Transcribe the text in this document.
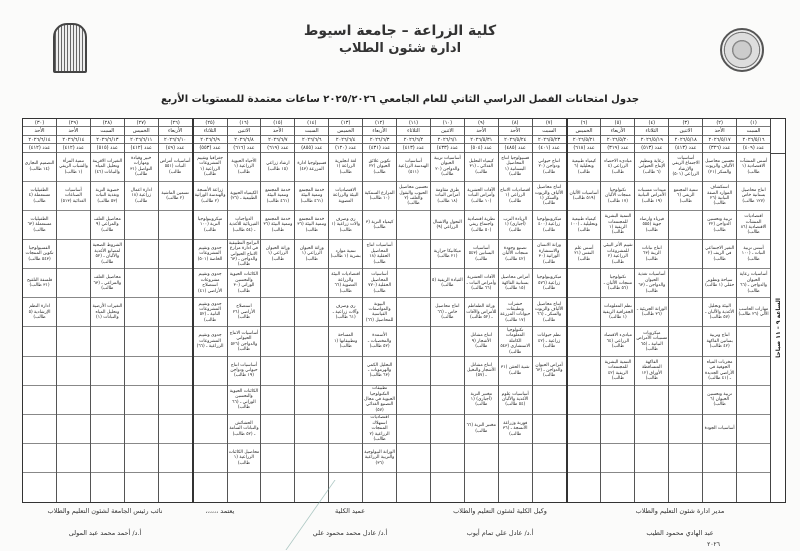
كلية الزراعة – جامعة اسيوط
ادارة شئون الطلاب
جدول امتحانات الفصل الدراسي الثاني للعام الجامعي ٢٠٢٥/٢٠٢٦ ساعات معتمدة للمستويات الأربع
الساعة ٩ – ١١ صباحا
(١)
السبت
٢٠٢٦/٥/١٦
عدد (٤٠٩)
أسس المنشآت الاقتصادية (١ طالب)
انتاج محاصيل بستانية خاص (١٢٧ طالب)
اقتصاديات المنشآت الاقتصادية (٨٦ طالب)
أسس تربية النبات ـ (١٠٠ طالب)
أساسيات رعاية الحيوان والدواجن ـ (٦٦ طالب)
مهارات الحاسب الآلي (٢٦ طالب)
(٢)
الأحد
٢٠٢٦/٥/١٧
عدد (٣٢٦)
تحسين محاصيل الألياف والزيوت والسكر (٢١)
استكشاف الموارد الصفة النباتية (٢٦ طالب)
تربية وتحسين الدواجن (٢٢ طالب)
التغير الاجتماعي في الريف (٢ طالب)
سياحة وتطوير حقلي (١ طالب)
البيئة وتحليل الأغذية والألبان ـ (٥٧ طالب)
انتاج وتربية بساتين الفاكهة (٤٢ طالب)
مخزنات المياه الجوفية في الأراضي الجديدة ـ (٤١ طالب)
تربية وتحسين الحيوان (٦ طالب)
أساسيات الجودة
(٣)
الاثنين
٢٠٢٦/٥/١٨
عدد (٤١٣)
أساسيات الاجتماع الريفي والإرشاد الزراعي (٥٠١)
تنمية المجتمع الريفي (٦ طالب)
(٤)
الثلاثاء
٢٠٢٦/٥/١٩
عدد (٥١٣)
رعاية وتنظيم الإنتاج الحيواني (٦ طالب)
مبيدات مسببات الأمراض النباتية (١٩ طالب)
فيزياء وارصاد جوية (٥٥٥ طالب)
انتاج نباتات الزينة (٦٣ طالب)
أساسيات تغذية الحيوان والدواجن ـ (٦٣ طالب)
الوراثة الجزيئية ـ (٣٦ طالب)
ميكروبات مسببات الأمراض النباتية ـ (٦٥ طالب)
الفاكهة المتساقطة الأوراق (١٢ طالب)
(٥)
الأربعاء
٢٠٢٦/٥/٢٠
عدد (٣١٩)
مبادىء الاحصاء الزراعي (٤ طالب)
تكنولوجيا منتجات الألبان (١٧ طالب)
التنمية البشرية للمجتمعات الريفية (١ طالب)
تقييم الأثر البيئي للمشروعات الزراعية (٢ طالب)
تكنولوجيا منتجات الألبان ـ (٥٦ طالب)
نظم المعلومات الجغرافية الريفية (١ طالب)
مبادىء الاقتصاد الزراعي (٦٤ طالب)
التنمية البشرية للمجتمعات الريفية (٤٢ طالب)
(٦)
الخميس
٢٠٢٦/٥/٢١
عدد (٦١٨)
كيمياء طبيعية وتحليلية (٦ طالب)
أساسيات الألبان (٥١٩ طالب)
كيمياء طبيعية وتحليلية ـ (١٠٠ طالب)
أسس علم النفس (٢١ طالب)
(٧)
السبت
٢٠٢٦/٥/٢٣
عدد (٤٠١)
انتاج حيواني ودواجن (٢٠ طالب)
انتاج محاصيل الألياف والزيوت والسكر (١ طالب)
ميكروبيولوجيا زراعية (٤٠٠ طالب)
وراثة الانسان والاستشارة الوراثية (٣٠ طالب)
ميكروبيولوجيا زراعية (٥٧٦ طالب)
انتاج محاصيل الألياف والزيوت والسكر ـ (٦٦ طالب)
نظم حيوانات زراعية ـ (٤٢ طالب)
أمراض الحيوان والدواجن ـ (٦٣ طالب)
(٨)
الأحد
٢٠٢٦/٥/٢٤
عدد (٤٨٥)
فسيولوجيا انتاج المحاصيل البستانية (١ طالب)
اقتصاديات الانتاج الزراعي (١ طالب)
الزيادة الترب (أجباري) (١ طالب)
تصنيع وجودة منتجات الألبان (٤٢ طالب)
أمراض محاصيل بستانية الفاكهة (١٥ طالب)
حشرات وتطبيقات حيوانات المزرعة (١٧ طالب)
تكنولوجيا المعلومات الكاملة الاستشاري (٥٤٣ طالب)
تقنية الحقن (٣١ طالب)
أساسيات علوم الأغذية والألبان (٥٤ طالب)
فورتة وزراعة الأنسجة ـ (٣٦ طالب)
(٩)
الأحد
٢٠٢٦/٥/٣١
عدد (٥٠٤)
كيمياء التحليل الغذائي ـ (٣١ طالب)
الآفات الحشرية وأمراض النبات (١٠ طالب)
نظرية اقتصادية واجتماع ريفي (٥٠ طالب)
أساسيات البساتين (٥٤٣ طالب)
الآفات الحشرية وأمراض النبات ـ (٦٦ طالب)
وراثة الطماطم للأمراض والآفات ـ (٥٢ طالب)
انتاج مشاتل الأشجار (٩ طالب)
انتاج مشاتل الأشجار والنخيل ـ (٥٧)
مختبر التربة (أجباري) (١ طالب)
مختبر التربة (٦٦ طالب)
(١٠)
الاثنين
٢٠٢٦/٦/١
عدد (٤٣٣)
أساسيات تربية الحيوان والدواجن (٢٠ طالب)
طرق مقاومة أمراض النبات (١٨ طالب)
التحول والاشتال الزراعي (٩)
ميكانيكا حرارية (٢١ طالب)
القيادة الريفية (٥ طالب)
انتاج محاصيل خاص ـ (٦٦ طالب)
(١١)
الثلاثاء
٢٠٢٦/٦/٢
عدد (٤١٣)
أساسيات الهندسة الزراعية (٥١١)
تحسين محاصيل الحبوب والبقول والعلف (٢ طالب)
(١٢)
الأربعاء
٢٠٢٦/٦/٣
عدد (٤٣١)
تكوين علائق الحيوان (٢٢ طالب)
المزارع السمكية (١٠ طالب)
كيمياء التربة (٣ طالب)
أساسيات انتاج المحاصيل الحقلية (١٨ طالب)
أساسيات المحاصيل الحقلية (٧٧٠ طالب)
البيوتة والمواصفات القياسية للمحاصيل (٦٦)
الأسمدة والمخصبات ـ (٥٢ طالب)
التحليل الكمي والهرمونات ـ (٦٣ طالب)
تطبيقات التكنولوجيا الحيوية في مجال التصنيع الغذائي (٥٧)
اقتصاديات استهلاك المنتجات الزراعية (٢ طالب)
الوراثة البيولوجية والتربية الزراعية (٣٦)
(١٣)
الخميس
٢٠٢٦/٦/٤
عدد (١٢٠)
لغة انجليزية الزراعة (١ طالب)
الاقتصاديات البيئة والزراعة العضوية
ري وصرف والات زراعية (١ طالب)
تنمية موارد بشرية (١ طالب)
اقتصاديات البيئة والزراعة العضوية (٦٦ طالب)
ري وصرف وآلات زراعية ـ (٦١ طالب)
المساحة وتطبيقاتها (١ طالب)
(١٤)
السبت
٢٠٢٦/٦/٦
عدد (٨٥٥)
فسيولوجيا ادارة المزرعة (٤٣)
خدمة المجتمع وتنمية البيئة (٤٦١ طالب)
خدمة المجتمع وتنمية البيئة (٣٦ طالب)
وراثة الحيوان الزراعي (١ طالب)
(١٥)
الأحد
٢٠٢٦/٦/٧
عدد (٦١٩)
ارشاد زراعي (١٥ طالب)
خدمة المجتمع وتنمية البيئة (٤٦١ طالب)
خدمة المجتمع وتنمية البيئة (٣٦ طالب)
وراثة الحيوان الزراعي (١ طالب)
(١٦)
الاثنين
٢٠٢٦/٦/٨
عدد (٦١٦)
الأحياء الحيوية الزراعية (١ طالب)
الكيمياء الحيوية الطبيعية ـ (٢٦)
الدواجنات الفيزيائية للأغذية ـ (٥٤ طالب)
البرامج التطبيقية في ادارة مزارع الانتاج الحيواني والدواجن ـ (٦٣ طالب)
الكائنات الحيوية والتحسين الوراثي (٣٠ طالب)
استصلاح الأراضي (٢٦ طالب)
أساسيات الانتاج الحيواني والدواجن (٥٢٦ طالب)
أساسيات انتاج حيواني ودواجن (١٩ طالب)
الكائنات الحيوية والتحسين الوراثي ـ (٦٦ طالب)
الحشائش والنباتات السامة ـ (٥٢ طالب)
محاصيل الكائنات الزراعية (١ طالب)
(٢٥)
الثلاثاء
٢٠٢٦/٦/٩
عدد (٥٥٣)
جغرافيا وتقييم المشروعات الزراعية (١ طالب)
زراعة الأنسجة والهندسة الوراثية (٢ طالب)
ميكروبيولوجيا التربة (١٠٠ طالب)
جدوى وتقييم المشروعات الخاصة (٥٠١)
جدوى وتقييم مشروعات استصلاح الأراضي (٤١)
جدوى وتقييم المشروعات الثانية ـ (٥٢ طالب)
جدوى وتقييم المشروعات الزراعية ـ (٦٦)
(٢٦)
الأربعاء
٢٠٢٦/٦/١٠
عدد (٤٩)
أساسيات أمراض النبات (٥٥١ طالب)
تسمين الماشية (٢ طالب)
(٢٧)
الخميس
٢٠٢٦/٦/١١
عدد (٤١٢)
خبير وقيادة ومهارات التواصل (٣١ طالب)
ادارة اعمال زراعية (١٨ طالب)
(٢٨)
السبت
٢٠٢٦/٦/١٣
عدد (٥١٥)
التغيرات الاقرينة وتحليل المياه والنباتات (٤٦)
خصوبة التربة وتغذية النبات (٥٣ طالب)
محاصيل العلف والمراعي (٩ طالب)
الشروط الصحية لمصانع الأغذية والألبان ـ (٥٢ طالب)
محاصيل العلف والمراعي ـ (٦٣ طالب)
التغيرات الأرضية وتحليل المياه والنباتات (١)
(٢٩)
الأحد
٢٠٢٦/٦/١٤
عدد (٤١٢)
تنمية المرأة والشباب الريفي (١ طالب)
أساسيات الصناعات الغذائية (٥١٣)
(٣٠)
الأحد
٢٠٢٦/٦/١٤
عدد (٤١٢)
التصميم التجاري (١٤ طالب)
الطفيليات مستعملة (٤ طالب)
الطفيليات مستعملة (٦٣ طالب)
الفسيولوجيا تكوين المنتجات (٥٤٣ طالب)
فلسفة التلقيح (٣١ طالب)
ادارة النظم الإرشادية (٥ طالب)
مدير ادارة شئون التعليم والطلاب
عبد الهادي محمود الطيب
٢٠٢٦
وكيل الكلية لشئون التعليم والطلاب
أ.د/ عادل علي تمام أيوب
عميد الكلية
أ.د/ عادل محمد محمود علي
يعتمد ،،،،،،
نائب رئيس الجامعة لشئون التعليم والطلاب
أ.د/ أحمد محمد عبد المولى
